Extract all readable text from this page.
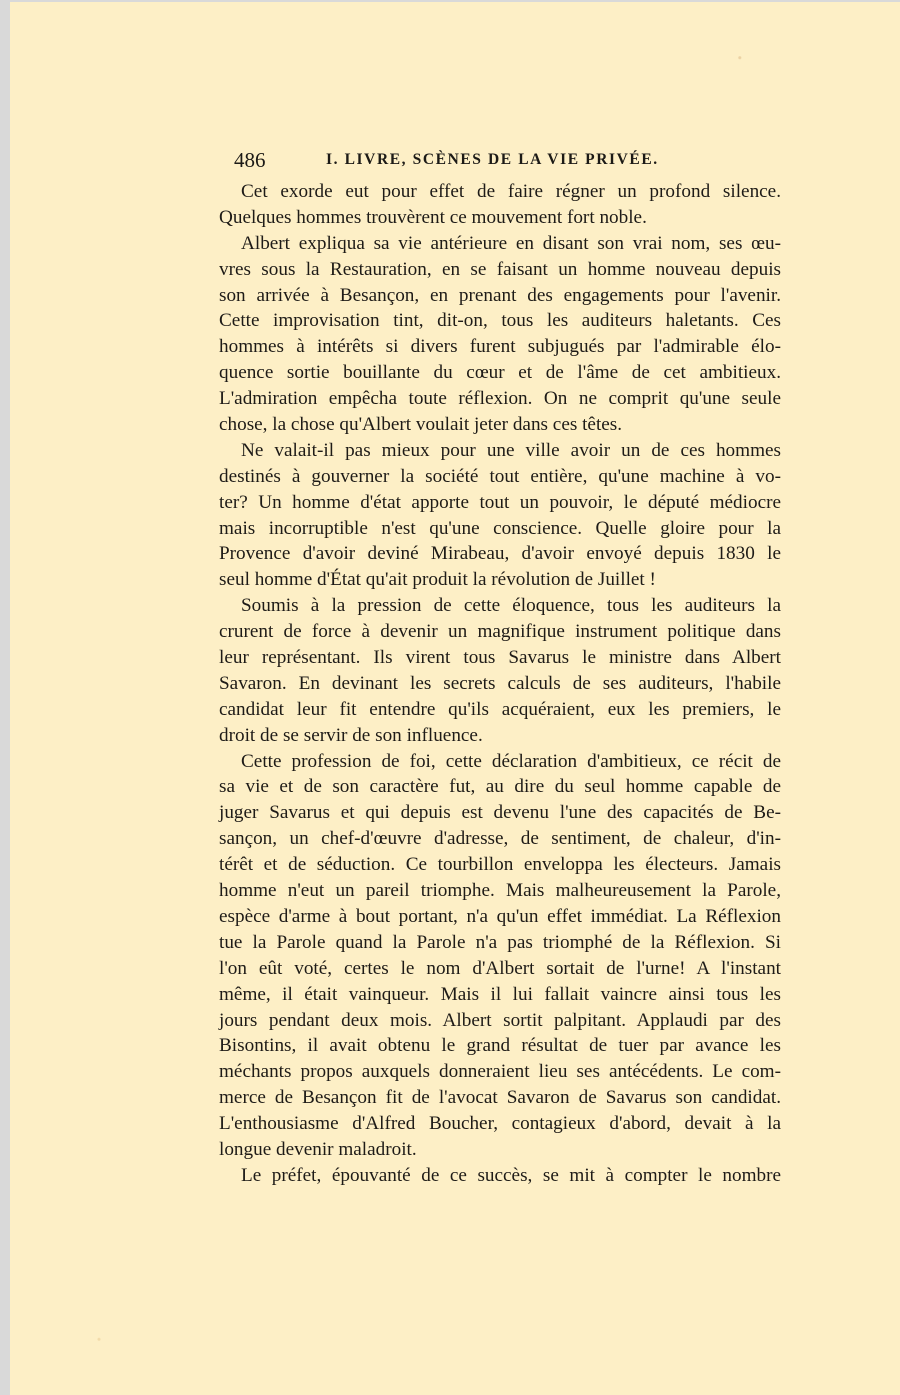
486	I. LIVRE, SCÈNES DE LA VIE PRIVÉE.
Cet exorde eut pour effet de faire régner un profond silence.
Quelques hommes trouvèrent ce mouvement fort noble.
Albert expliqua sa vie antérieure en disant son vrai nom, ses œu-
vres sous la Restauration, en se faisant un homme nouveau depuis
son arrivée à Besançon, en prenant des engagements pour l'avenir.
Cette improvisation tint, dit-on, tous les auditeurs haletants. Ces
hommes à intérêts si divers furent subjugués par l'admirable élo-
quence sortie bouillante du cœur et de l'âme de cet ambitieux.
L'admiration empêcha toute réflexion. On ne comprit qu'une seule
chose, la chose qu'Albert voulait jeter dans ces têtes.
Ne valait-il pas mieux pour une ville avoir un de ces hommes
destinés à gouverner la société tout entière, qu'une machine à vo-
ter? Un homme d'état apporte tout un pouvoir, le député médiocre
mais incorruptible n'est qu'une conscience. Quelle gloire pour la
Provence d'avoir deviné Mirabeau, d'avoir envoyé depuis 1830 le
seul homme d'État qu'ait produit la révolution de Juillet !
Soumis à la pression de cette éloquence, tous les auditeurs la
crurent de force à devenir un magnifique instrument politique dans
leur représentant. Ils virent tous Savarus le ministre dans Albert
Savaron. En devinant les secrets calculs de ses auditeurs, l'habile
candidat leur fit entendre qu'ils acquéraient, eux les premiers, le
droit de se servir de son influence.
Cette profession de foi, cette déclaration d'ambitieux, ce récit de
sa vie et de son caractère fut, au dire du seul homme capable de
juger Savarus et qui depuis est devenu l'une des capacités de Be-
sançon, un chef-d'œuvre d'adresse, de sentiment, de chaleur, d'in-
térêt et de séduction. Ce tourbillon enveloppa les électeurs. Jamais
homme n'eut un pareil triomphe. Mais malheureusement la Parole,
espèce d'arme à bout portant, n'a qu'un effet immédiat. La Réflexion
tue la Parole quand la Parole n'a pas triomphé de la Réflexion. Si
l'on eût voté, certes le nom d'Albert sortait de l'urne! A l'instant
même, il était vainqueur. Mais il lui fallait vaincre ainsi tous les
jours pendant deux mois. Albert sortit palpitant. Applaudi par des
Bisontins, il avait obtenu le grand résultat de tuer par avance les
méchants propos auxquels donneraient lieu ses antécédents. Le com-
merce de Besançon fit de l'avocat Savaron de Savarus son candidat.
L'enthousiasme d'Alfred Boucher, contagieux d'abord, devait à la
longue devenir maladroit.
Le préfet, épouvanté de ce succès, se mit à compter le nombre
